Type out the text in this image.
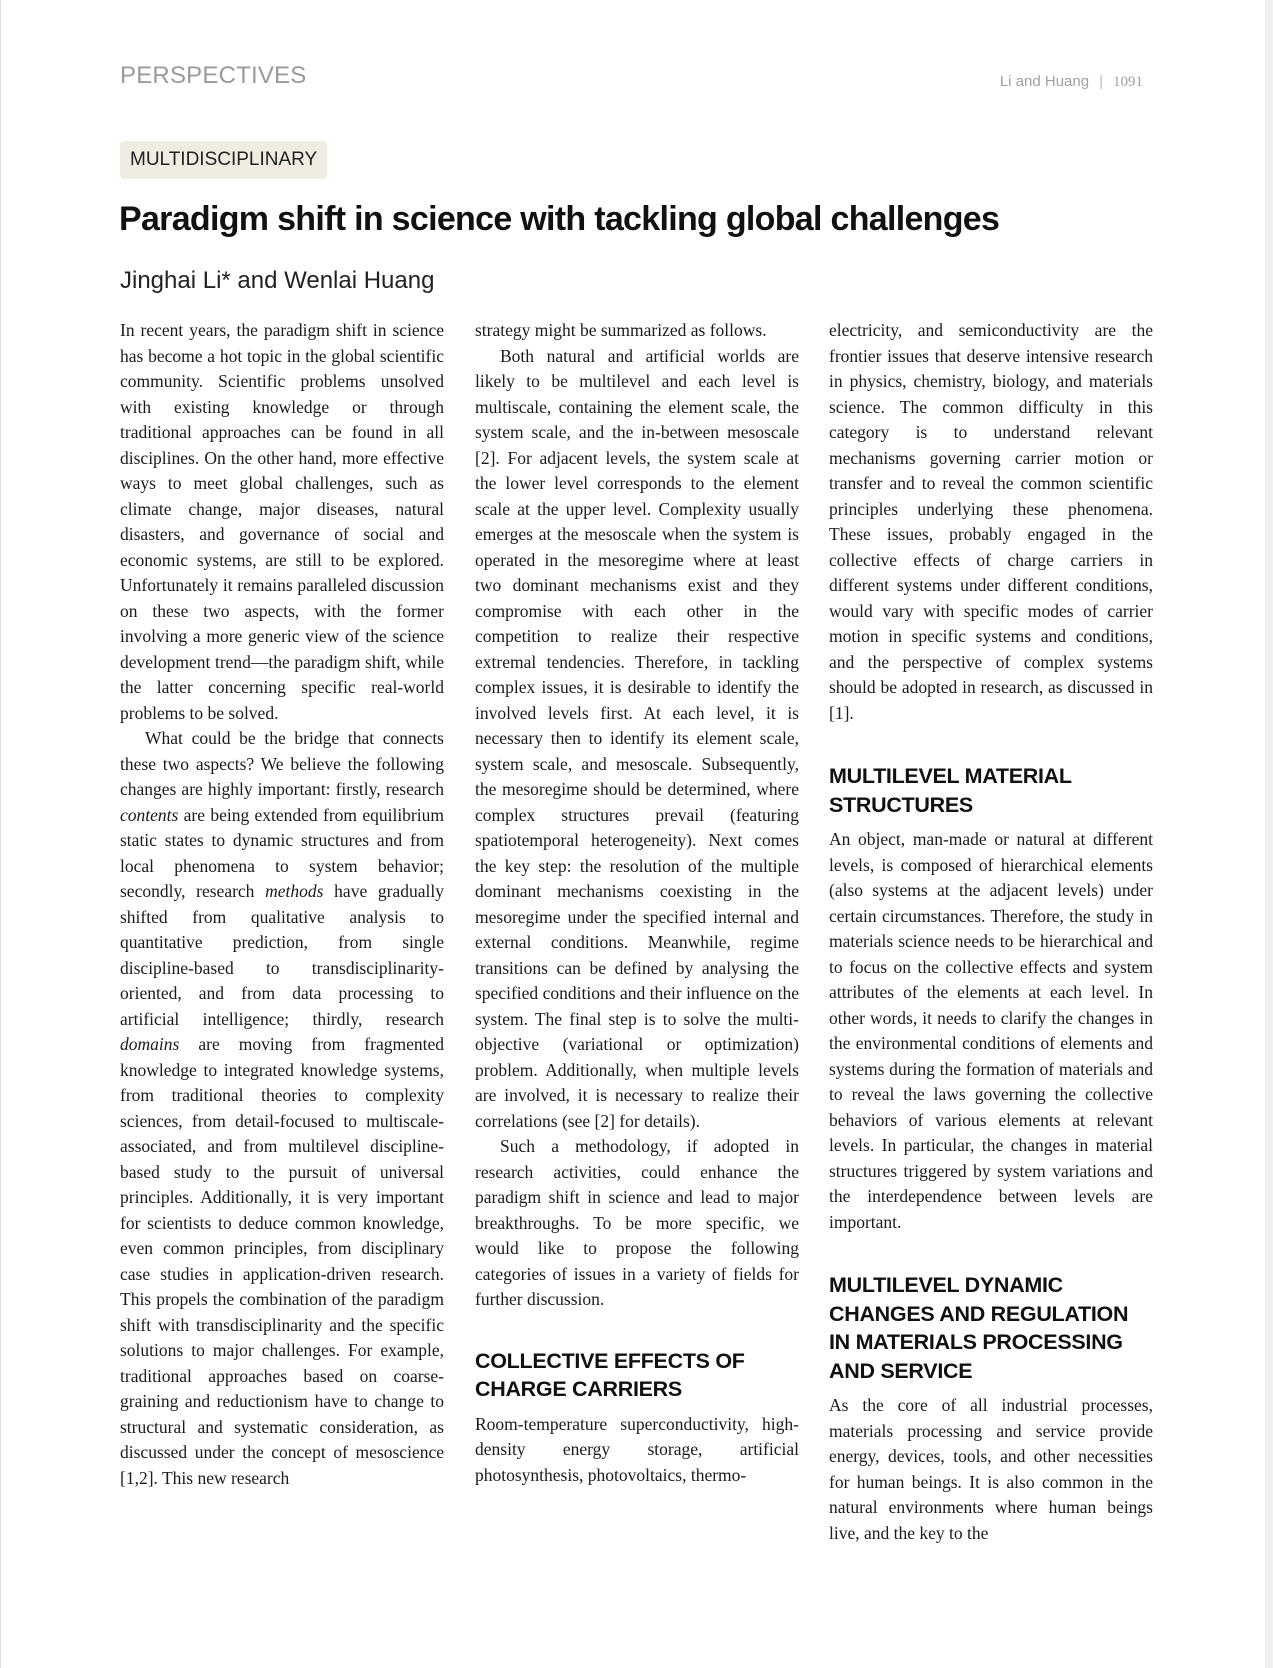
PERSPECTIVES	Li and Huang | 1091
MULTIDISCIPLINARY
Paradigm shift in science with tackling global challenges
Jinghai Li* and Wenlai Huang

In recent years, the paradigm shift in science has become a hot topic in the global scientific community. Scientific problems unsolved with existing knowledge or through traditional approaches can be found in all disciplines. On the other hand, more effective ways to meet global challenges, such as climate change, major diseases, natural disasters, and governance of social and economic systems, are still to be explored. Unfortunately it remains paralleled discussion on these two aspects, with the former involving a more generic view of the science development trend—the paradigm shift, while the latter concerning specific real-world problems to be solved.

What could be the bridge that connects these two aspects? We believe the following changes are highly important: firstly, research contents are being extended from equilibrium static states to dynamic structures and from local phenomena to system behavior; secondly, research methods have gradually shifted from qualitative analysis to quantitative prediction, from single discipline-based to transdisciplinarity-oriented, and from data processing to artificial intelligence; thirdly, research domains are moving from fragmented knowledge to integrated knowledge systems, from traditional theories to complexity sciences, from detail-focused to multiscale-associated, and from multilevel discipline-based study to the pursuit of universal principles. Additionally, it is very important for scientists to deduce common knowledge, even common principles, from disciplinary case studies in application-driven research. This propels the combination of the paradigm shift with transdisciplinarity and the specific solutions to major challenges. For example, traditional approaches based on coarse-graining and reductionism have to change to structural and systematic consideration, as discussed under the concept of mesoscience [1,2]. This new research

strategy might be summarized as follows.

Both natural and artificial worlds are likely to be multilevel and each level is multiscale, containing the element scale, the system scale, and the in-between mesoscale [2]. For adjacent levels, the system scale at the lower level corresponds to the element scale at the upper level. Complexity usually emerges at the mesoscale when the system is operated in the mesoregime where at least two dominant mechanisms exist and they compromise with each other in the competition to realize their respective extremal tendencies. Therefore, in tackling complex issues, it is desirable to identify the involved levels first. At each level, it is necessary then to identify its element scale, system scale, and mesoscale. Subsequently, the mesoregime should be determined, where complex structures prevail (featuring spatiotemporal heterogeneity). Next comes the key step: the resolution of the multiple dominant mechanisms coexisting in the mesoregime under the specified internal and external conditions. Meanwhile, regime transitions can be defined by analysing the specified conditions and their influence on the system. The final step is to solve the multi-objective (variational or optimization) problem. Additionally, when multiple levels are involved, it is necessary to realize their correlations (see [2] for details).

Such a methodology, if adopted in research activities, could enhance the paradigm shift in science and lead to major breakthroughs. To be more specific, we would like to propose the following categories of issues in a variety of fields for further discussion.

COLLECTIVE EFFECTS OF CHARGE CARRIERS

Room-temperature superconductivity, high-density energy storage, artificial photosynthesis, photovoltaics, thermo-

electricity, and semiconductivity are the frontier issues that deserve intensive research in physics, chemistry, biology, and materials science. The common difficulty in this category is to understand relevant mechanisms governing carrier motion or transfer and to reveal the common scientific principles underlying these phenomena. These issues, probably engaged in the collective effects of charge carriers in different systems under different conditions, would vary with specific modes of carrier motion in specific systems and conditions, and the perspective of complex systems should be adopted in research, as discussed in [1].

MULTILEVEL MATERIAL STRUCTURES

An object, man-made or natural at different levels, is composed of hierarchical elements (also systems at the adjacent levels) under certain circumstances. Therefore, the study in materials science needs to be hierarchical and to focus on the collective effects and system attributes of the elements at each level. In other words, it needs to clarify the changes in the environmental conditions of elements and systems during the formation of materials and to reveal the laws governing the collective behaviors of various elements at relevant levels. In particular, the changes in material structures triggered by system variations and the interdependence between levels are important.

MULTILEVEL DYNAMIC CHANGES AND REGULATION IN MATERIALS PROCESSING AND SERVICE

As the core of all industrial processes, materials processing and service provide energy, devices, tools, and other necessities for human beings. It is also common in the natural environments where human beings live, and the key to the
